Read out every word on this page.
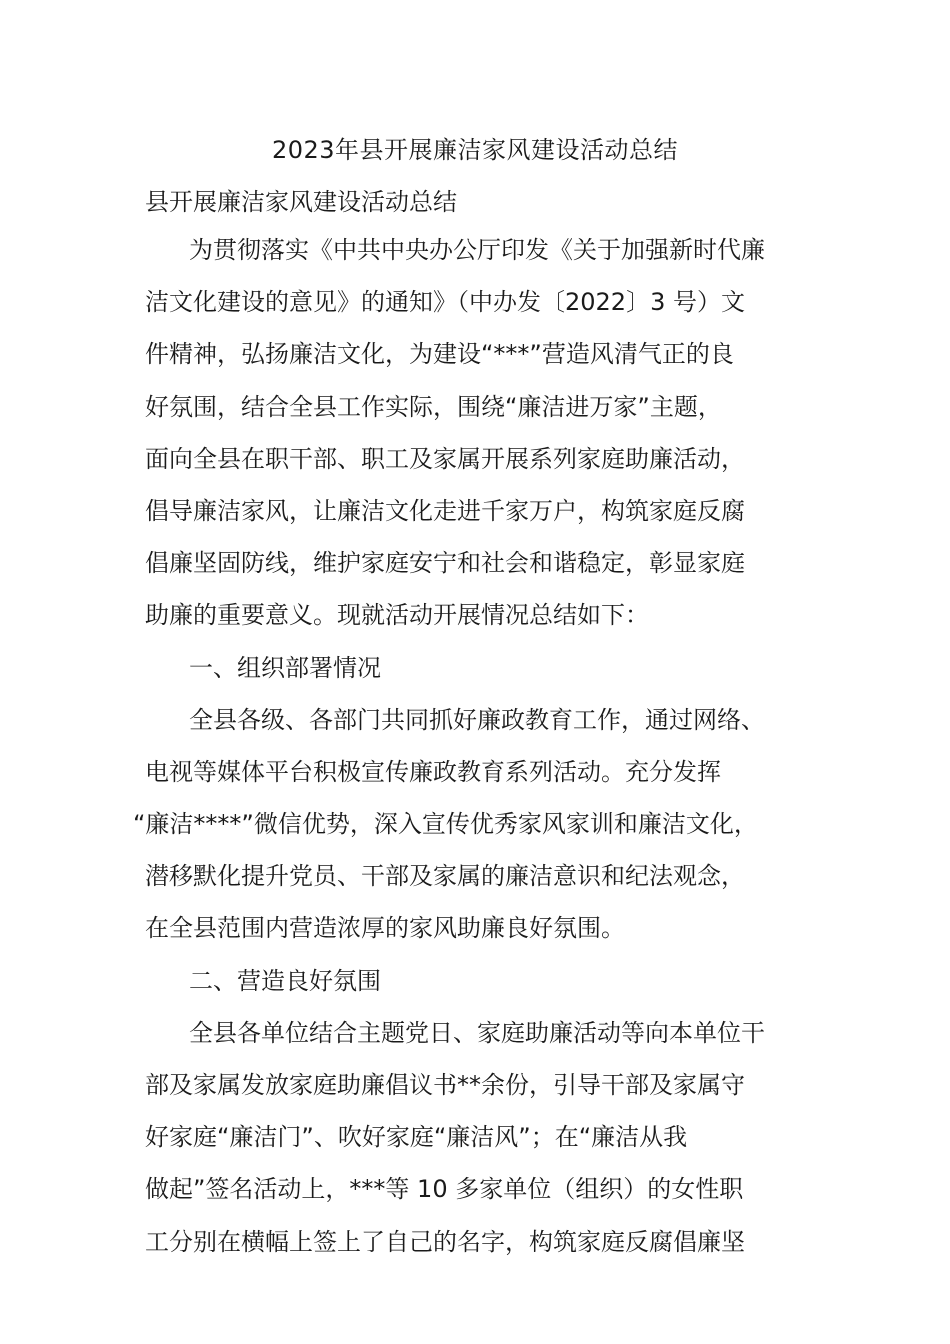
2023年县开展廉洁家风建设活动总结
县开展廉洁家风建设活动总结
为贯彻落实《中共中央办公厅印发《关于加强新时代廉
洁文化建设的意见》的通知》（中办发〔2022〕3 号）文
件精神，弘扬廉洁文化，为建设“***”营造风清气正的良
好氛围，结合全县工作实际，围绕“廉洁进万家”主题，
面向全县在职干部、职工及家属开展系列家庭助廉活动，
倡导廉洁家风，让廉洁文化走进千家万户，构筑家庭反腐
倡廉坚固防线，维护家庭安宁和社会和谐稳定，彰显家庭
助廉的重要意义。现就活动开展情况总结如下：
一、组织部署情况
全县各级、各部门共同抓好廉政教育工作，通过网络、
电视等媒体平台积极宣传廉政教育系列活动。充分发挥
“廉洁****”微信优势，深入宣传优秀家风家训和廉洁文化，
潜移默化提升党员、干部及家属的廉洁意识和纪法观念，
在全县范围内营造浓厚的家风助廉良好氛围。
二、营造良好氛围
全县各单位结合主题党日、家庭助廉活动等向本单位干
部及家属发放家庭助廉倡议书**余份，引导干部及家属守
好家庭“廉洁门”、吹好家庭“廉洁风”；在“廉洁从我
做起”签名活动上，***等 10 多家单位（组织）的女性职
工分别在横幅上签上了自己的名字，构筑家庭反腐倡廉坚
